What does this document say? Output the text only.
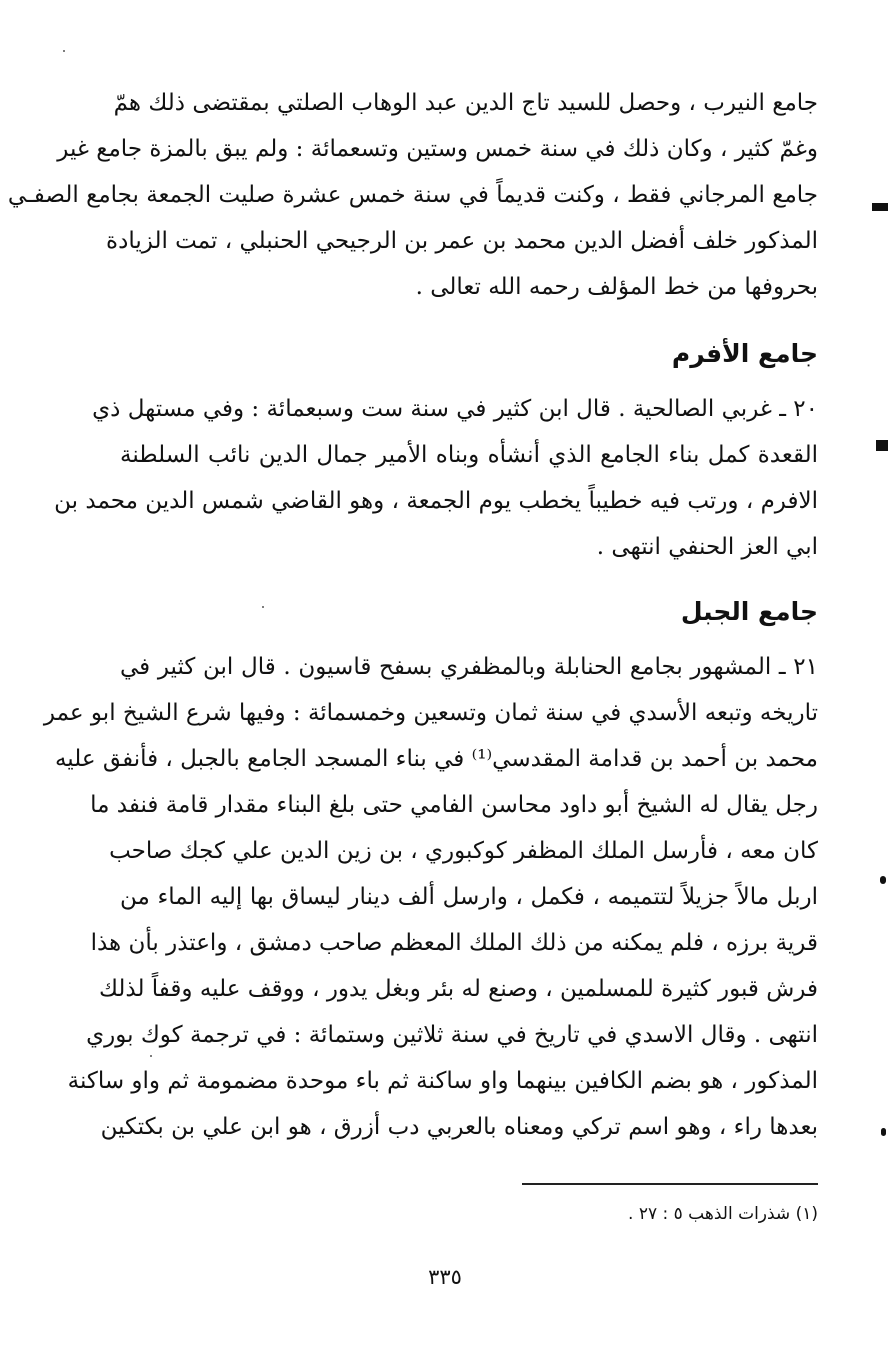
جامع النيرب ، وحصل للسيد تاج الدين عبد الوهاب الصلتي بمقتضى ذلك همّ
وغمّ كثير ، وكان ذلك في سنة خمس وستين وتسعمائة : ولم يبق بالمزة جامع غير
جامع المرجاني فقط ، وكنت قديماً في سنة خمس عشرة صليت الجمعة بجامع الصفـي
المذكور خلف أفضل الدين محمد بن عمر بن الرجيحي الحنبلي ، تمت الزيادة
بحروفها من خط المؤلف رحمه الله تعالى .
جامع الأفرم
٢٠ ـ غربي الصالحية . قال ابن كثير في سنة ست وسبعمائة : وفي مستهل ذي
القعدة كمل بناء الجامع الذي أنشأه وبناه الأمير جمال الدين نائب السلطنة
الافرم ، ورتب فيه خطيباً يخطب يوم الجمعة ، وهو القاضي شمس الدين محمد بن
ابي العز الحنفي انتهى .
جامع الجبل
٢١ ـ المشهور بجامع الحنابلة وبالمظفري بسفح قاسيون . قال ابن كثير في
تاريخه وتبعه الأسدي في سنة ثمان وتسعين وخمسمائة : وفيها شرع الشيخ ابو عمر
محمد بن أحمد بن قدامة المقدسي⁽¹⁾ في بناء المسجد الجامع بالجبل ، فأنفق عليه
رجل يقال له الشيخ أبو داود محاسن الفامي حتى بلغ البناء مقدار قامة فنفد ما
كان معه ، فأرسل الملك المظفر كوكبوري ، بن زين الدين علي كجك صاحب
اربل مالاً جزيلاً لتتميمه ، فكمل ، وارسل ألف دينار ليساق بها إليه الماء من
قرية برزه ، فلم يمكنه من ذلك الملك المعظم صاحب دمشق ، واعتذر بأن هذا
فرش قبور كثيرة للمسلمين ، وصنع له بئر وبغل يدور ، ووقف عليه وقفاً لذلك
انتهى . وقال الاسدي في تاريخ في سنة ثلاثين وستمائة : في ترجمة كوك بوري
المذكور ، هو بضم الكافين بينهما واو ساكنة ثم باء موحدة مضمومة ثم واو ساكنة
بعدها راء ، وهو اسم تركي ومعناه بالعربي دب أزرق ، هو ابن علي بن بكتكين
(١) شذرات الذهب ٥ : ٢٧ .
٣٣٥
